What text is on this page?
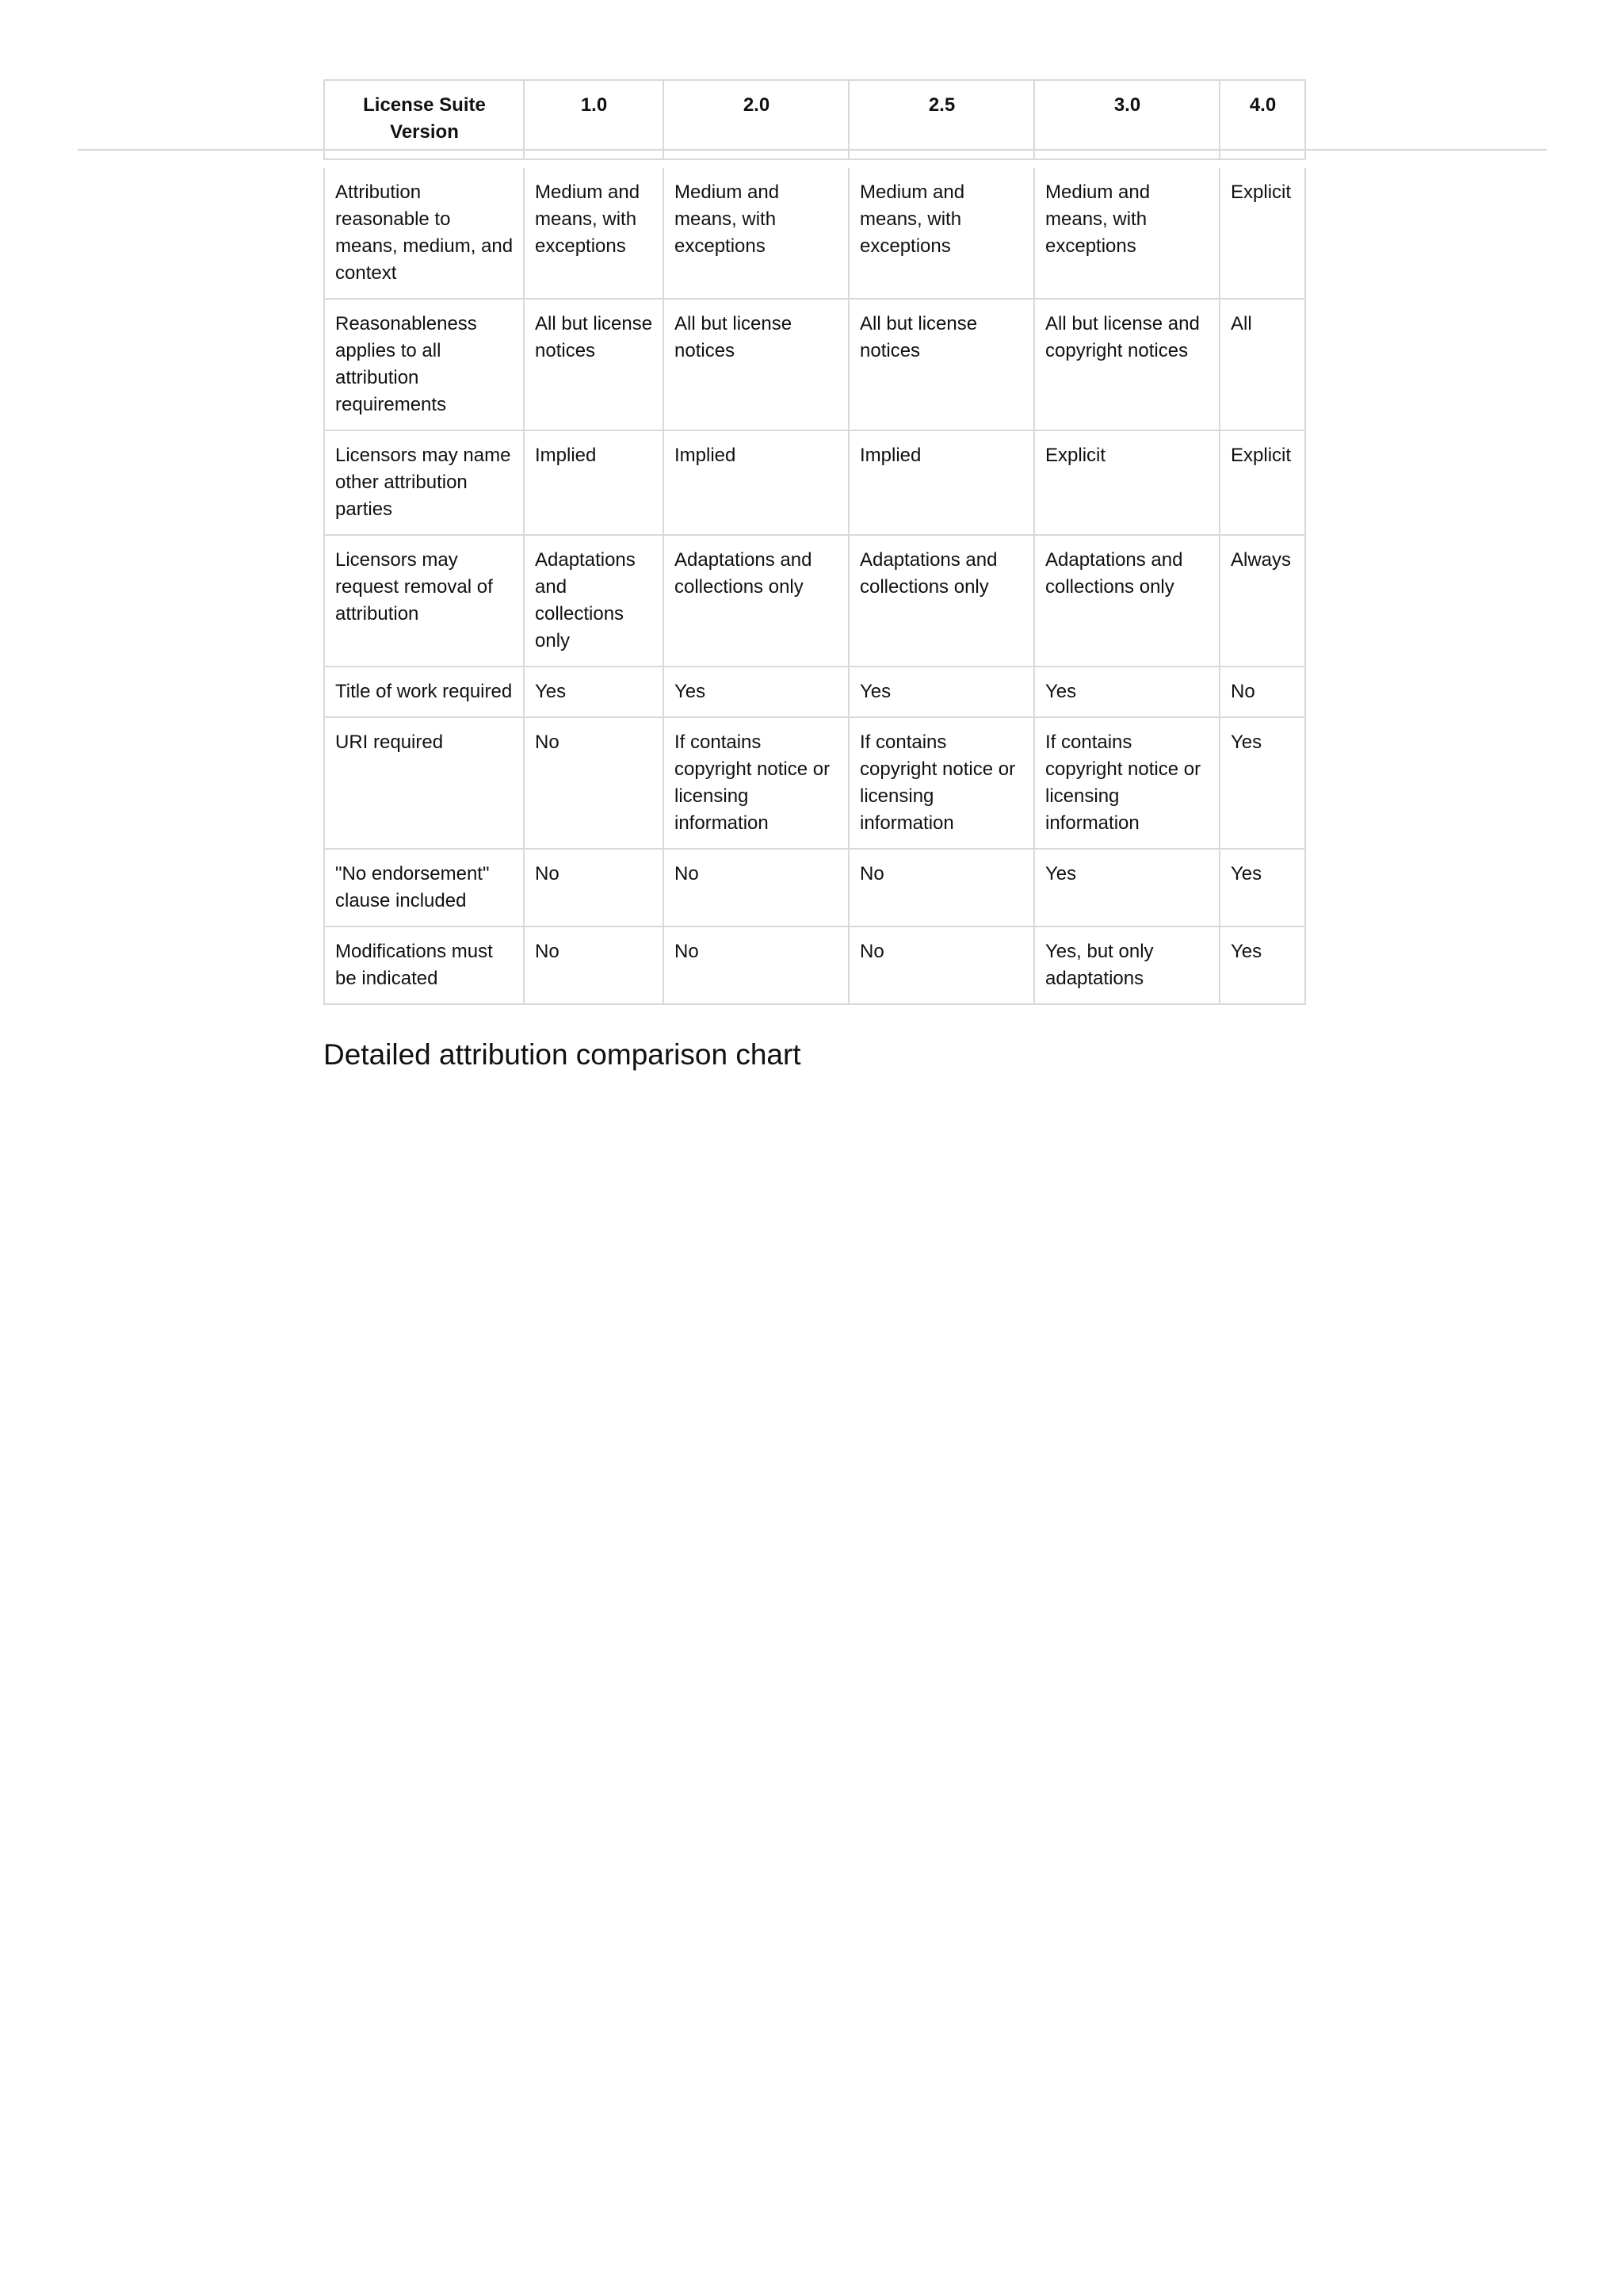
License Suite Version	1.0	2.0	2.5	3.0	4.0
Attribution reasonable to means, medium, and context	Medium and means, with exceptions	Medium and means, with exceptions	Medium and means, with exceptions	Medium and means, with exceptions	Explicit
Reasonableness applies to all attribution requirements	All but license notices	All but license notices	All but license notices	All but license and copyright notices	All
Licensors may name other attribution parties	Implied	Implied	Implied	Explicit	Explicit
Licensors may request removal of attribution	Adaptations and collections only	Adaptations and collections only	Adaptations and collections only	Adaptations and collections only	Always
Title of work required	Yes	Yes	Yes	Yes	No
URI required	No	If contains copyright notice or licensing information	If contains copyright notice or licensing information	If contains copyright notice or licensing information	Yes
"No endorsement" clause included	No	No	No	Yes	Yes
Modifications must be indicated	No	No	No	Yes, but only adaptations	Yes
Detailed attribution comparison chart
